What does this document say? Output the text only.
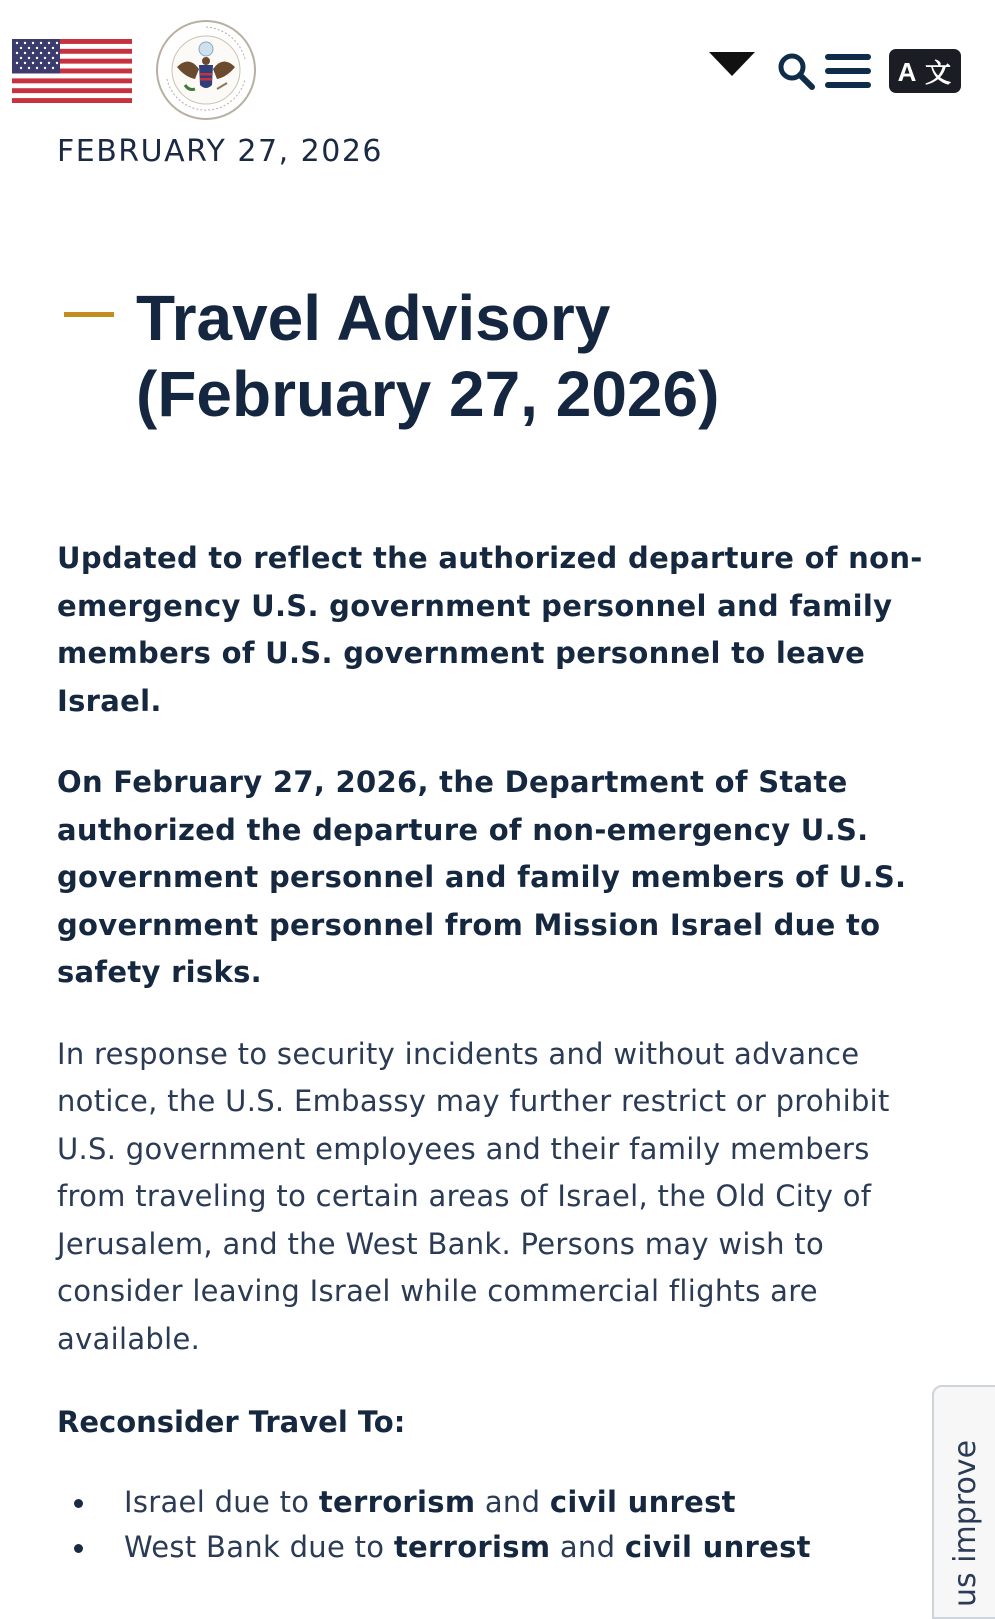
A 文
FEBRUARY 27, 2026
Travel Advisory
(February 27, 2026)

Updated to reflect the authorized departure of non-emergency U.S. government personnel and family members of U.S. government personnel to leave Israel.

On February 27, 2026, the Department of State authorized the departure of non-emergency U.S. government personnel and family members of U.S. government personnel from Mission Israel due to safety risks.

In response to security incidents and without advance notice, the U.S. Embassy may further restrict or prohibit U.S. government employees and their family members from traveling to certain areas of Israel, the Old City of Jerusalem, and the West Bank. Persons may wish to consider leaving Israel while commercial flights are available.

Reconsider Travel To:
Israel due to terrorism and civil unrest
West Bank due to terrorism and civil unrest	us improve
